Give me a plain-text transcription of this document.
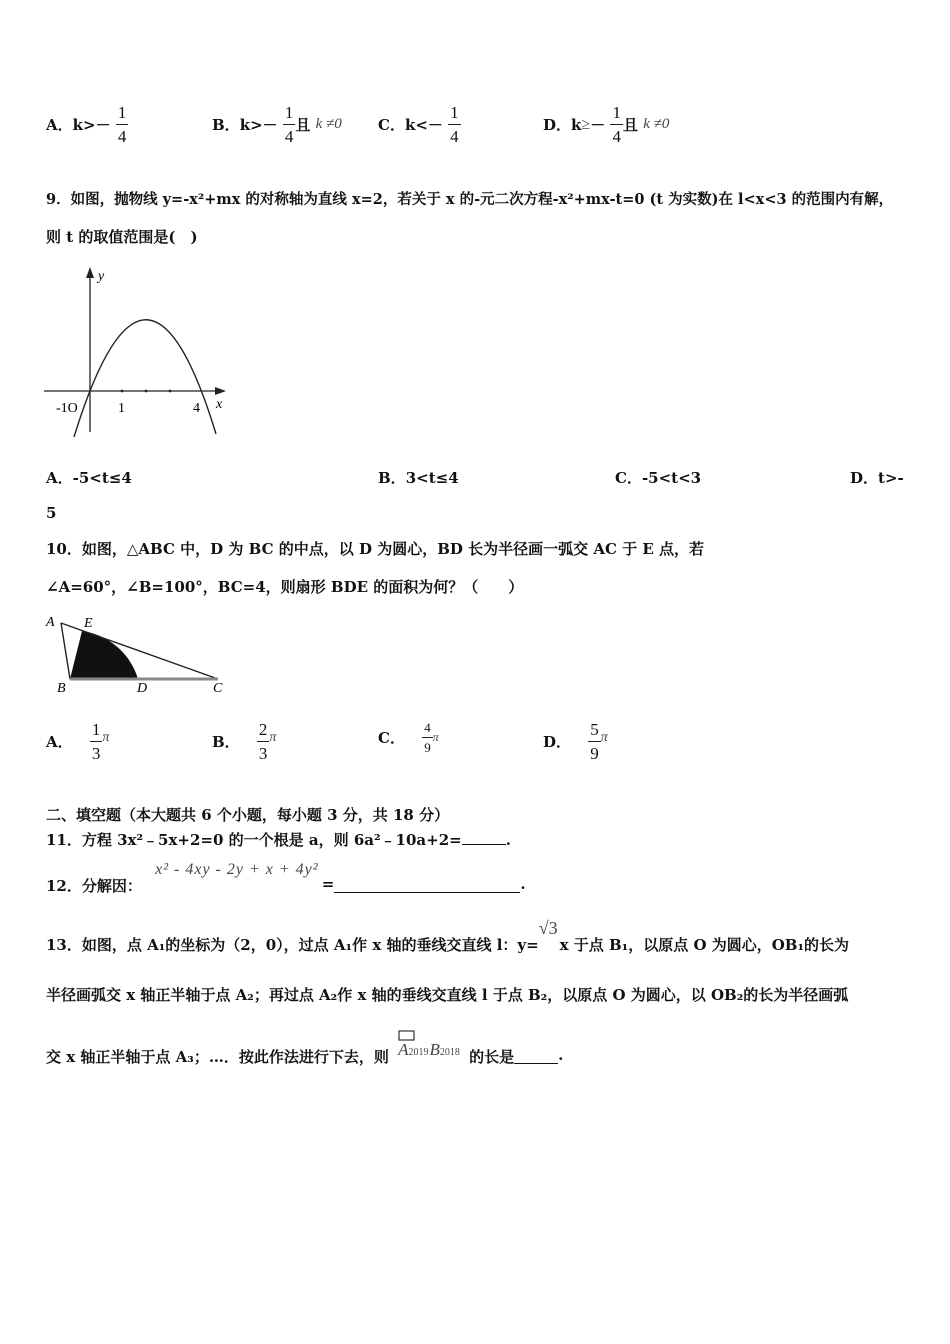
A．$k>- \frac{1}{4}$	B．$k>- \frac{1}{4}$ 且 k ≠0 C．$k<- \frac{1}{4}$	D．$k\ge- \frac{1}{4}$ 且 k ≠0
9．如图，抛物线 y=-x²+mx 的对称轴为直线 x=2，若关于 x 的-元二次方程-x²+mx-t=0 (t 为实数)在 l<x<3 的范围内有解，
则 t 的取值范围是(　)
y
x
-1O	1	4
A．-5<t≤4	B．3<t≤4	C．-5<t<3	D．t>-
5
10．如图，△ABC 中，D 为 BC 的中点，以 D 为圆心，BD 长为半径画一弧交 AC 于 E 点，若
∠A=60°，∠B=100°，BC=4，则扇形 BDE 的面积为何？（　　）
A E
B	D	C
A． $\frac{1}{3}$ π	B． $\frac{2}{3}$ π	C． $\frac{4}{9}$ π	D． $\frac{5}{9}$ π
二、填空题（本大题共 6 个小题，每小题 3 分，共 18 分）
11．方程 3x²﹣5x+2=0 的一个根是 a，则 6a²﹣10a+2=	.
12．分解因： x² - 4xy - 2y + x + 4y² =	.
13．如图，点 A₁的坐标为（2，0），过点 A₁作 x 轴的垂线交直线 l：y=√3x 于点 B₁，以原点 O 为圆心，OB₁的长为
半径画弧交 x 轴正半轴于点 A₂；再过点 A₂作 x 轴的垂线交直线 l 于点 B₂，以原点 O 为圆心，以 OB₂的长为半径画弧
交 x 轴正半轴于点 A₃；…．按此作法进行下去，则 A2019B2018 的长是	.
